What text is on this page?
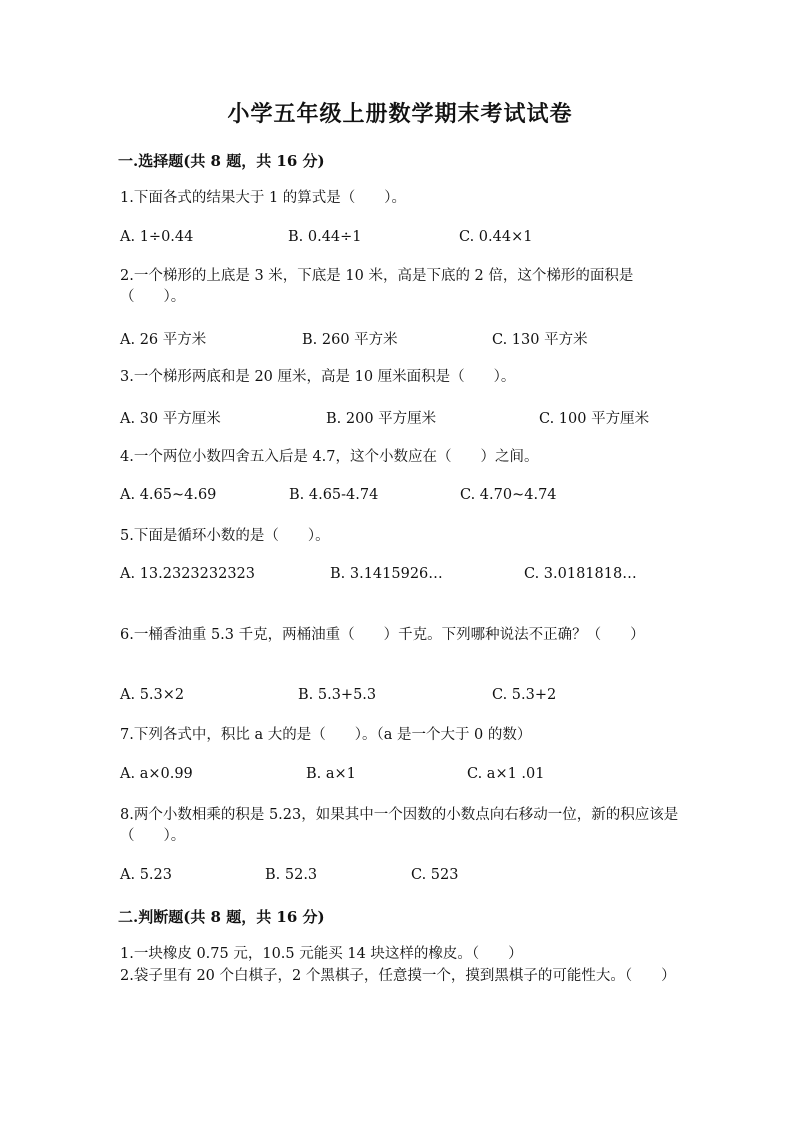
小学五年级上册数学期末考试试卷
一.选择题(共 8 题，共 16 分)
1.下面各式的结果大于 1 的算式是（　　）。
A. 1÷0.44	B. 0.44÷1	C. 0.44×1
2.一个梯形的上底是 3 米，下底是 10 米，高是下底的 2 倍，这个梯形的面积是（　　）。
A. 26 平方米	B. 260 平方米	C. 130 平方米
3.一个梯形两底和是 20 厘米，高是 10 厘米面积是（　　）。
A. 30 平方厘米	B. 200 平方厘米	C. 100 平方厘米
4.一个两位小数四舍五入后是 4.7，这个小数应在（　　）之间。
A. 4.65~4.69	B. 4.65-4.74	C. 4.70~4.74
5.下面是循环小数的是（　　）。
A. 13.2323232323	B. 3.1415926…	C. 3.0181818…
6.一桶香油重 5.3 千克，两桶油重（　　）千克。下列哪种说法不正确？（　　）
A. 5.3×2	B. 5.3+5.3	C. 5.3+2
7.下列各式中，积比 a 大的是（　　）。（a 是一个大于 0 的数）
A. a×0.99	B. a×1	C. a×1 .01
8.两个小数相乘的积是 5.23，如果其中一个因数的小数点向右移动一位，新的积应该是（　　）。
A. 5.23	B. 52.3	C. 523
二.判断题(共 8 题，共 16 分)
1.一块橡皮 0.75 元，10.5 元能买 14 块这样的橡皮。（　　）
2.袋子里有 20 个白棋子，2 个黑棋子，任意摸一个，摸到黑棋子的可能性大。（　　）
